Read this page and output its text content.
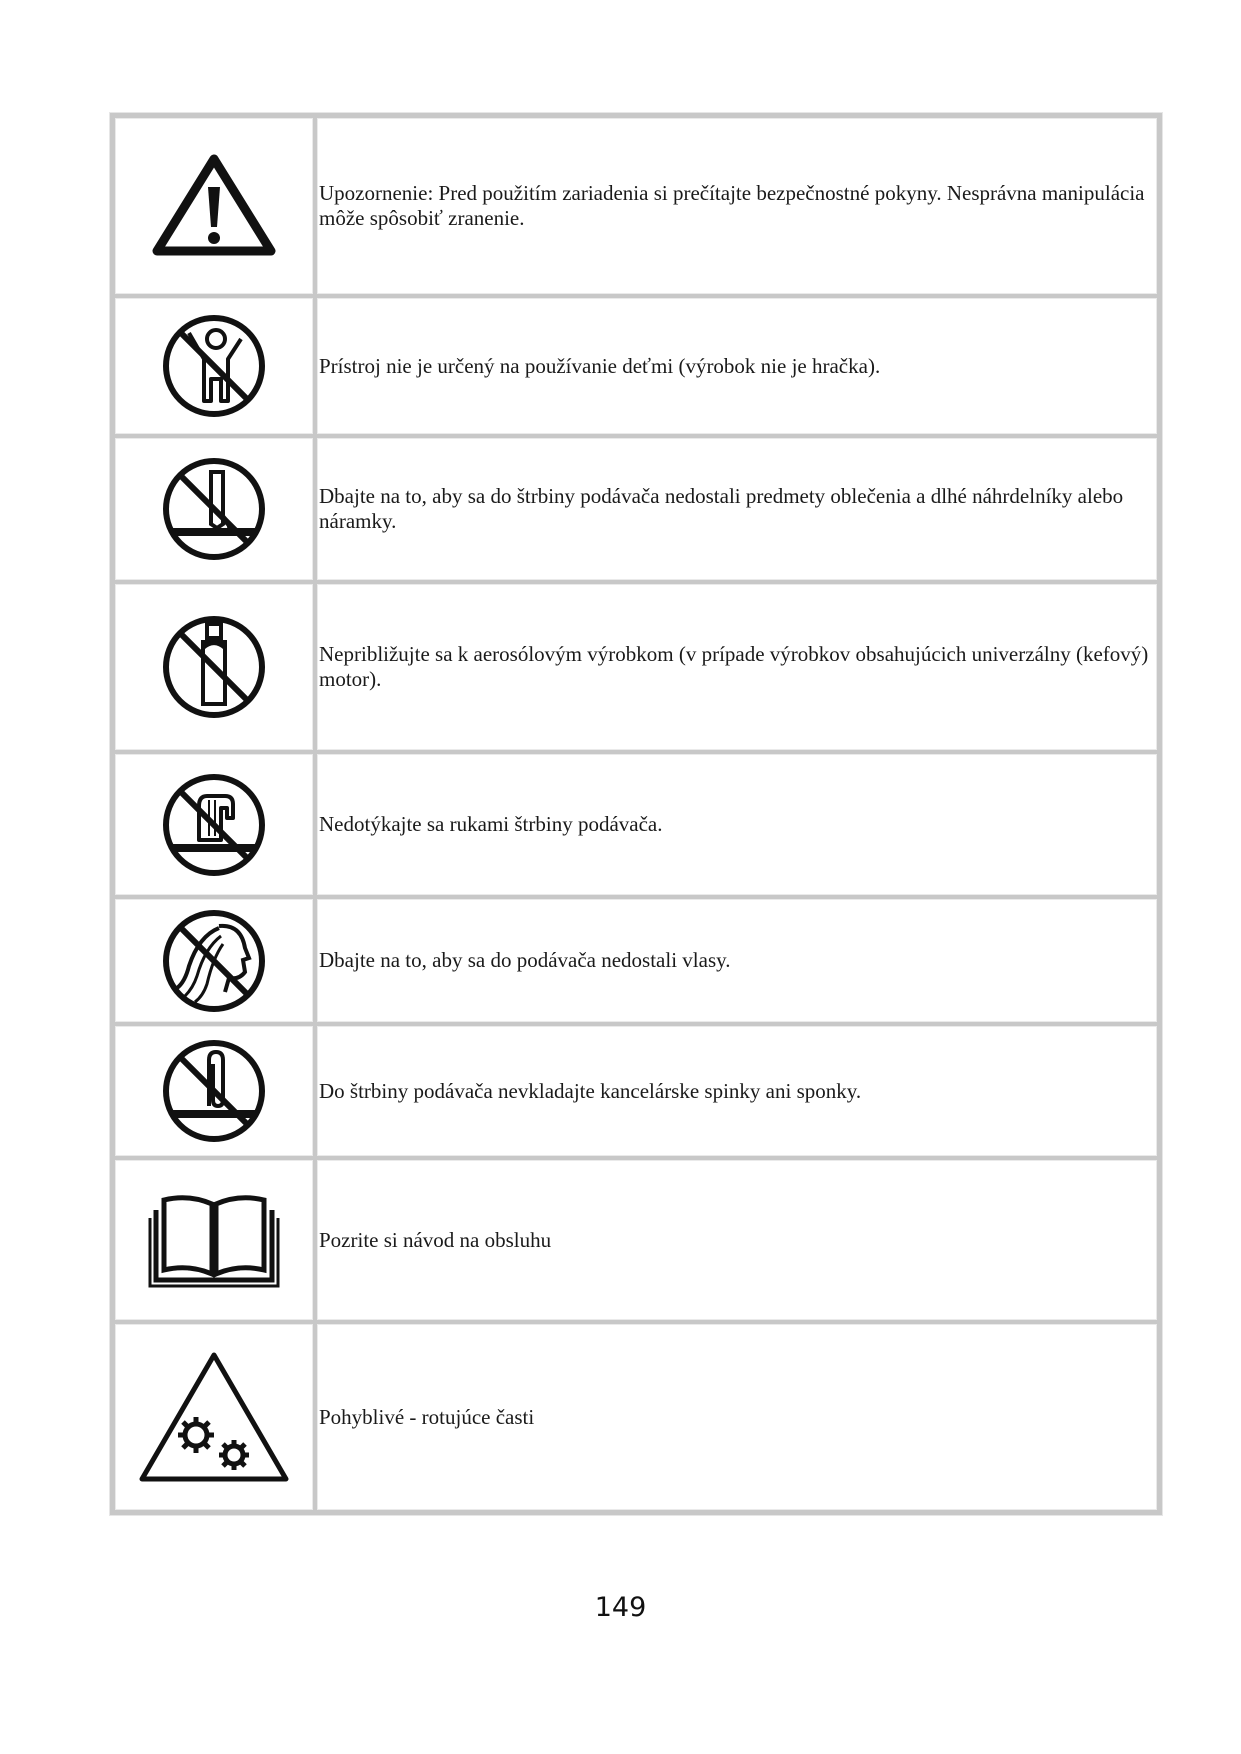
	Upozornenie: Pred použitím zariadenia si prečítajte bezpečnostné pokyny. Nesprávna manipulácia môže spôsobiť zranenie.

	Prístroj nie je určený na používanie deťmi (výrobok nie je hračka).

	Dbajte na to, aby sa do štrbiny podávača nedostali predmety oblečenia a dlhé náhrdelníky alebo náramky.

	Nepribližujte sa k aerosólovým výrobkom (v prípade výrobkov obsahujúcich univerzálny (kefový) motor).

	Nedotýkajte sa rukami štrbiny podávača.

	Dbajte na to, aby sa do podávača nedostali vlasy.

	Do štrbiny podávača nevkladajte kancelárske spinky ani sponky.

	Pozrite si návod na obsluhu

	Pohyblivé - rotujúce časti
149
